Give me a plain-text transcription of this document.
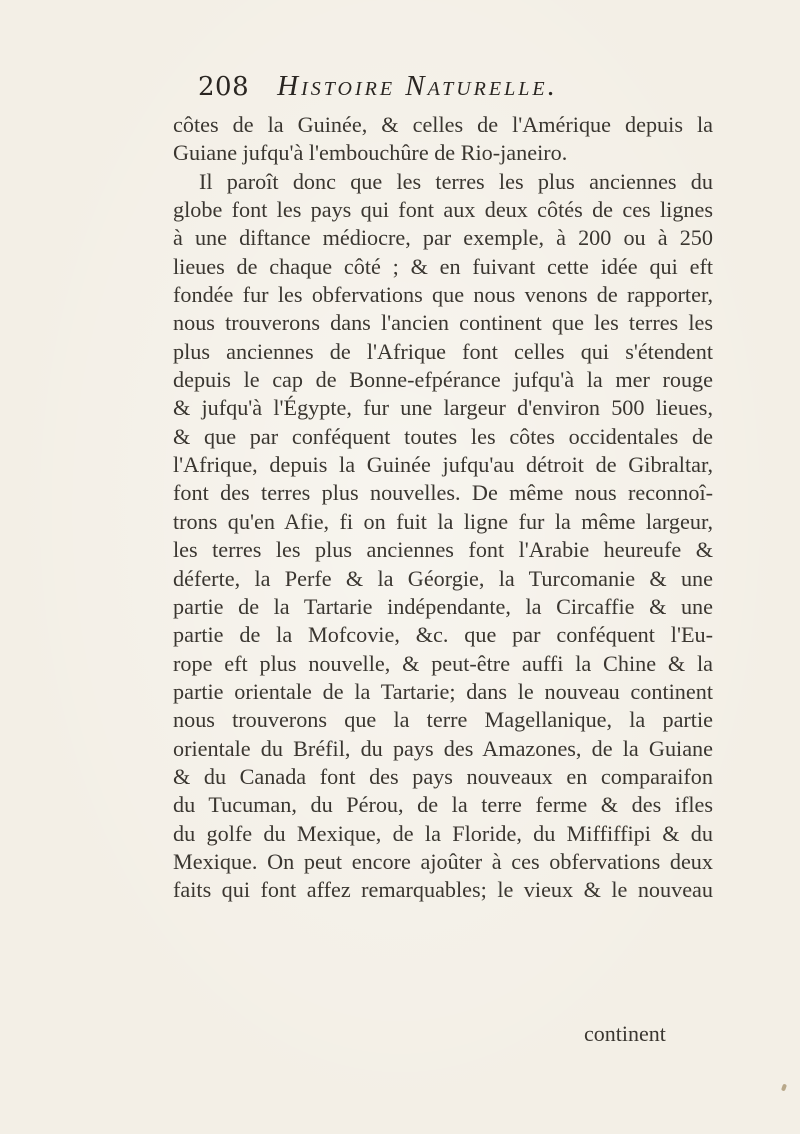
208 Histoire Naturelle.
côtes de la Guinée, & celles de l'Amérique depuis la
Guiane jufqu'à l'embouchûre de Rio-janeiro.
Il paroît donc que les terres les plus anciennes du
globe font les pays qui font aux deux côtés de ces lignes
à une diftance médiocre, par exemple, à 200 ou à 250
lieues de chaque côté ; & en fuivant cette idée qui eft
fondée fur les obfervations que nous venons de rapporter,
nous trouverons dans l'ancien continent que les terres les
plus anciennes de l'Afrique font celles qui s'étendent
depuis le cap de Bonne-efpérance jufqu'à la mer rouge
& jufqu'à l'Égypte, fur une largeur d'environ 500 lieues,
& que par conféquent toutes les côtes occidentales de
l'Afrique, depuis la Guinée jufqu'au détroit de Gibraltar,
font des terres plus nouvelles. De même nous reconnoî-
trons qu'en Afie, fi on fuit la ligne fur la même largeur,
les terres les plus anciennes font l'Arabie heureufe &
déferte, la Perfe & la Géorgie, la Turcomanie & une
partie de la Tartarie indépendante, la Circaffie & une
partie de la Mofcovie, &c. que par conféquent l'Eu-
rope eft plus nouvelle, & peut-être auffi la Chine & la
partie orientale de la Tartarie; dans le nouveau continent
nous trouverons que la terre Magellanique, la partie
orientale du Bréfil, du pays des Amazones, de la Guiane
& du Canada font des pays nouveaux en comparaifon
du Tucuman, du Pérou, de la terre ferme & des ifles
du golfe du Mexique, de la Floride, du Miffiffipi & du
Mexique. On peut encore ajoûter à ces obfervations deux
faits qui font affez remarquables; le vieux & le nouveau
continent
